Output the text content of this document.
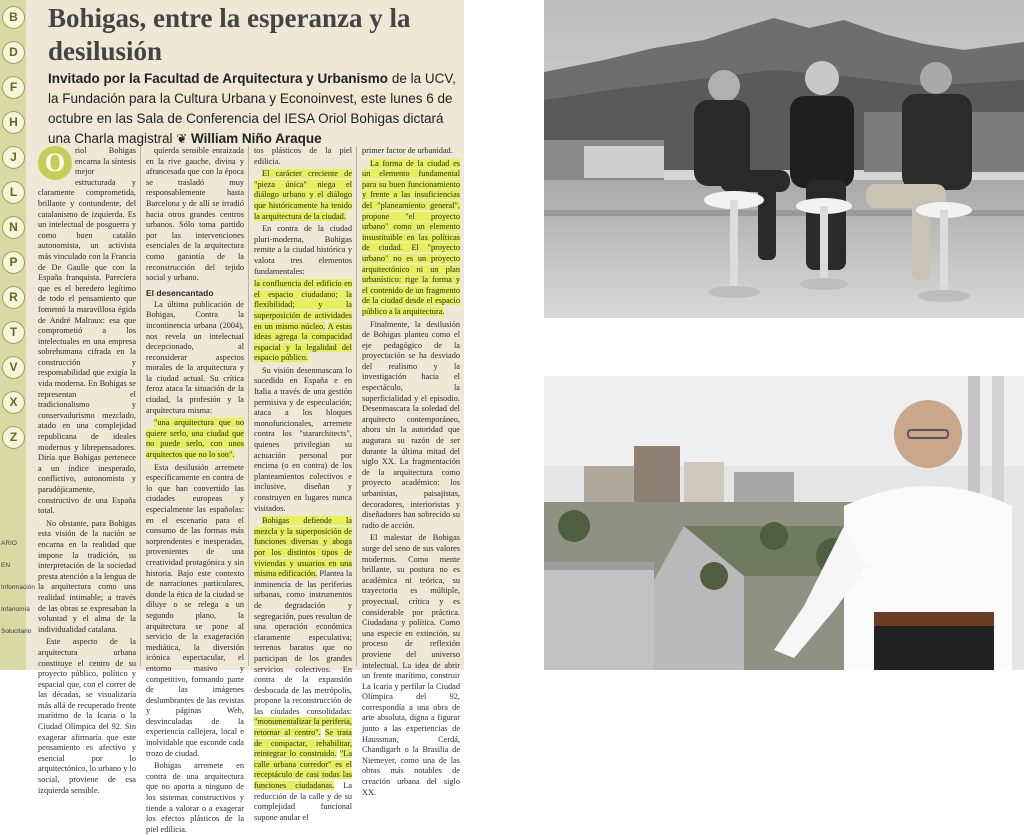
B
D
F
H
J
L
N
P
R
T
V
X
Z
Bohigas, entre la esperanza y la desilusión
Invitado por la Facultad de Arquitectura y Urbanismo de la UCV, la Fundación para la Cultura Urbana y Econoinvest, este lunes 6 de octubre en las Sala de Conferencia del IESA Oriol Bohigas dictará una Charla magistral ❦ William Niño Araque
O	riol Bohigas encarna la síntesis mejor estructurada y claramente comprometida, brillante y contundente, del catalanismo de izquierda. Es un intelectual de posguerra y como buen catalán autonomista, un activista más vinculado con la Francia de De Gaulle que con la España franquista. Pareciera que es el heredero legítimo de todo el pensamiento que fomentó la maravillosa égida de André Malraux: esa que comprometió a los intelectuales en una empresa sobrehumana cifrada en la construcción y responsabilidad que exigía la vida moderna. En Bohigas se representan el tradicionalismo y conservadurismo mezclado, atado en una complejidad republicana de ideales modernos y librepensadores. Diría que Bohigas pertenece a un índice inesperado, conflictivo, autonomista y paradójicamente, constructivo de una España total.

No obstante, para Bohigas esta visión de la nación se encarna en la realidad que impone la tradición, su interpretación de la sociedad presta atención a la lengua de la arquitectura como una realidad intimable; a través de las obras se expresaban la voluntad y el alma de la individualidad catalana.

Este aspecto de la arquitectura urbana constituye el centro de su proyecto público, político y espacial que, con el correr de las décadas, se visualizaría más allá de recuperado frente marítimo de la Icaria o la Ciudad Olímpica del 92. Sin exagerar afirmaría que este pensamiento es afectivo y esencial por lo arquitectónico, lo urbano y lo social, proviene de esa izquierda sensible.

quierda sensible enraizada en la rive gauche, divina y afrancesada que con la época se trasladó muy responsablemente hasta Barcelona y de allí se irradió hacia otros grandes centros urbanos. Sólo toma partido por las intervenciones esenciales de la arquitectura como garantía de la reconstrucción del tejido social y urbano.

El desencantado

La última publicación de Bohigas, Contra la incontinencia urbana (2004), nos revela un intelectual decepcionado, al reconsiderar aspectos morales de la arquitectura y la ciudad actual. Su crítica feroz ataca la situación de la ciudad, la profesión y la arquitectura misma:

"una arquitectura que no quiere serlo, una ciudad que no puede serlo, con unos arquitectos que no lo son".

Esta desilusión arremete específicamente en contra de lo que han convertido las ciudades europeas y especialmente las españolas: en el escenario para el consumo de las formas más sorprendentes e inesperadas, provenientes de una creatividad protagónica y sin historia. Bajo este contexto de narraciones particulares, donde la ética de la ciudad se diluye o se relega a un segundo plano, la arquitectura se pone al servicio de la exageración mediática, la diversión icónica espectacular, el entorno masivo y competitivo, formando parte de las imágenes deslumbrantes de las revistas y páginas Web, desvinculadas de la experiencia callejera, local e inolvidable que esconde cada trozo de ciudad.

Bohigas arremete en contra de una arquitectura que no aporta a ninguno de los sistemas constructivos y tiende a valorar o a exagerar los efectos plásticos de la piel edilicia.

tos plásticos de la piel edilicia.

El carácter creciente de "pieza única" niega el diálogo urbano y el diálogo que históricamente ha tenido la arquitectura de la ciudad.

En contra de la ciudad pluri-moderna, Bohigas remite a la ciudad histórica y valora tres elementos fundamentales:

la confluencia del edificio en el espacio ciudadano; la flexibilidad; y la superposición de actividades en un mismo núcleo. A estas ideas agrega la compacidad espacial y la legalidad del espacio público.

Su visión desenmascara lo sucedido en España e en Italia a través de una gestión permisiva y de especulación; ataca a los bloques monofuncionales, arremete contra los "stararchitects", quienes privilegian su actuación personal por encima (o en contra) de los planteamientos colectivos e inclusive, diseñan y construyen en lugares nunca visitados.

Bohigas defiende la mezcla y la superposición de funciones diversas y aboga por los distintos tipos de viviendas y usuarios en una misma edificación. Plantea la inminencia de las periferias urbanas, como instrumentos de degradación y segregación, pues resultan de una operación económica claramente especulativa; terrenos baratos que no participan de los grandes servicios colectivos. En contra de la expansión desbocada de las metrópolis, propone la reconstrucción de las ciudades consolidadas: "monumentalizar la periferia, retornar al centro". Se trata de compactar, rehabilitar, reintegrar lo construido. "La calle urbana corredor" es el receptáculo de casi todas las funciones ciudadanas. La reducción de la calle y de su complejidad funcional supone anular el

primer factor de urbanidad.

La forma de la ciudad es un elemento fundamental para su buen funcionamiento y frente a las insuficiencias del "planeamiento general", propone "el proyecto urbano" como un elemento insustituible en las políticas de ciudad. El "proyecto urbano" no es un proyecto arquitectónico ni un plan urbanístico: rige la forma y el contenido de un fragmento de la ciudad desde el espacio público a la arquitectura.

Finalmente, la desilusión de Bohigas plantea como el eje pedagógico de la proyectación se ha desviado del realismo y la investigación hacia el espectáculo, la superficialidad y el episodio. Desenmascara la soledad del arquitecto contemporáneo, ahora sin la autoridad que augurara su razón de ser durante la última mitad del siglo XX. La fragmentación de la arquitectura como proyecto académico: los urbanistas, paisajistas, decoradores, interioristas y diseñadores han sobrecido su radio de acción.

El malestar de Bohigas surge del seno de sus valores modernos. Como mente brillante, su postura no es académica ni teórica, su trayectoria es múltiple, proyectual, crítica y es considerable por práctica. Ciudadana y política. Como una especie en extinción, su proceso de reflexión proviene del universo intelectual. La idea de abrir un frente marítimo, construir La Icaria y perfilar la Ciudad Olímpica del 92, correspondía a una obra de arte absoluta, digna a figurar junto a las experiencias de Haussman, Cerdá, Chandigarh o la Brasilia de Niemeyer, como una de las obras más notables de creación urbana del siglo XX.

ARIO
EN
Información
Infanomía
Solucitario
